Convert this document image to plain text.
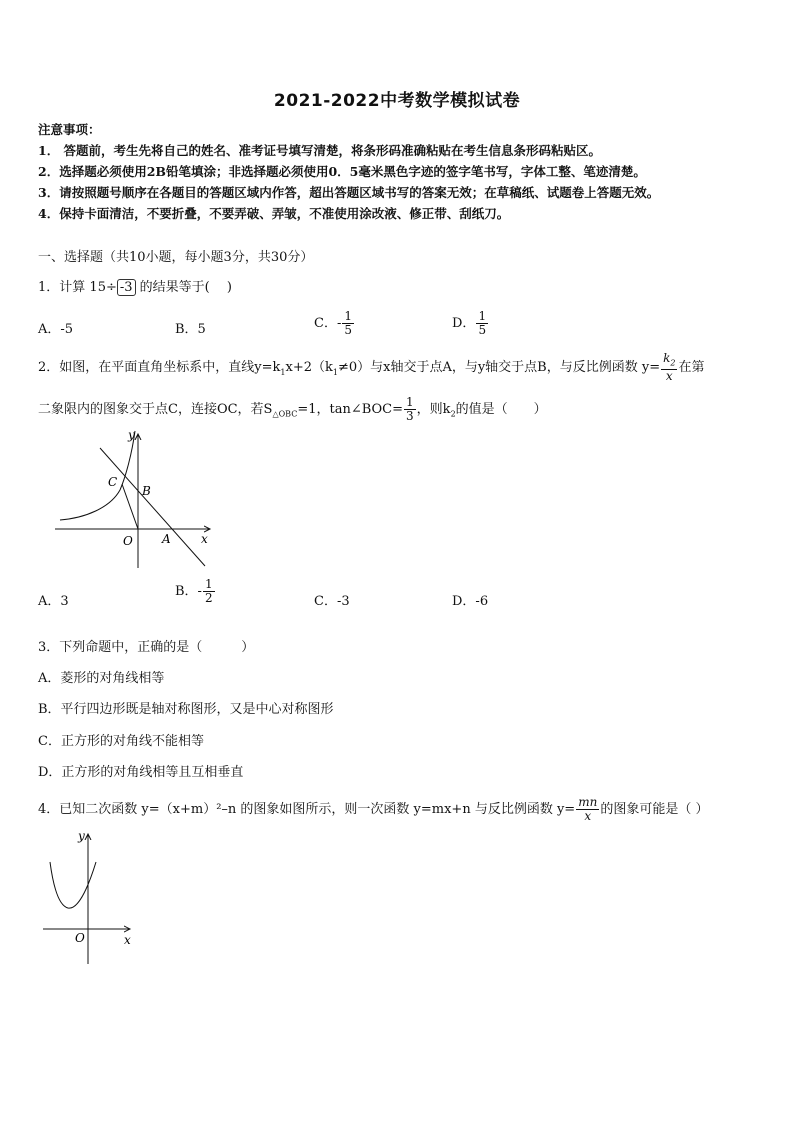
2021-2022中考数学模拟试卷
注意事项：
1． 答题前，考生先将自己的姓名、准考证号填写清楚，将条形码准确粘贴在考生信息条形码粘贴区。
2．选择题必须使用2B铅笔填涂；非选择题必须使用0．5毫米黑色字迹的签字笔书写，字体工整、笔迹清楚。
3．请按照题号顺序在各题目的答题区域内作答，超出答题区域书写的答案无效；在草稿纸、试题卷上答题无效。
4．保持卡面清洁，不要折叠，不要弄破、弄皱，不准使用涂改液、修正带、刮纸刀。
一、选择题（共10小题，每小题3分，共30分）
1．计算 15÷ -3 的结果等于(　 )
A．-5	B．5	C．- $\frac{1}{5}$	D． $\frac{1}{5}$
2．如图，在平面直角坐标系中，直线$y=k_1x+2(k_1\ne 0)$与x轴交于点A，与y轴交于点B，与反比例函数 $y= \frac{k_2}{x}$ 在第
二象限内的图象交于点C，连接OC，若$S_{\triangle OBC}=1$，tan∠BOC= $\frac{1}{3}$ ，则$k_2$的值是（　　）
y
x
O A
B
C
A．3
B．- $\frac{1}{2}$	C．-3	D．-6
3．下列命题中，正确的是（　　　）
A．菱形的对角线相等
B．平行四边形既是轴对称图形，又是中心对称图形
C．正方形的对角线不能相等
D．正方形的对角线相等且互相垂直
4．已知二次函数 y=（x+m）²–n 的图象如图所示，则一次函数 y=mx+n 与反比例函数 $y= \frac{mn}{x}$ 的图象可能是（ ）
y
x
O
